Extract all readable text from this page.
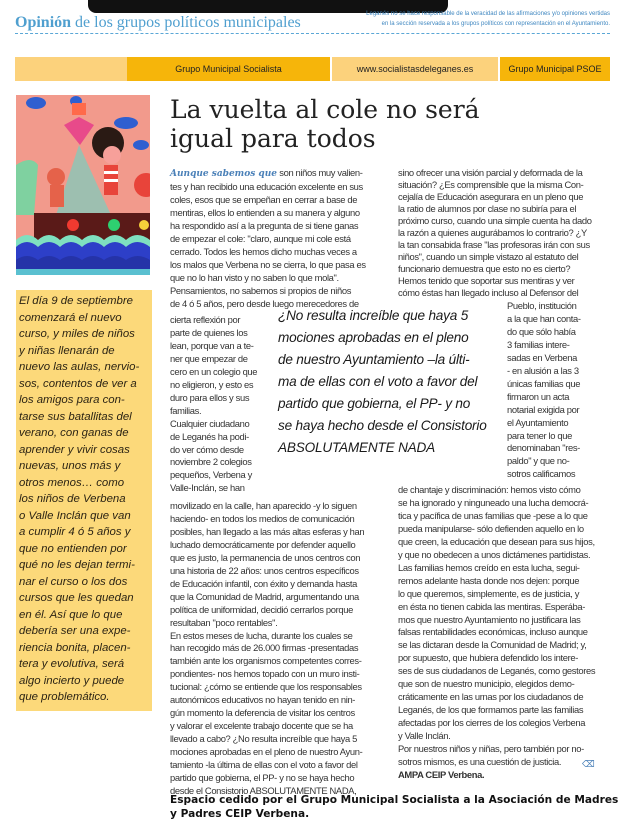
Opinión de los grupos políticos municipales	Leganés no se hace responsable de la veracidad de las afirmaciones y/o opiniones vertidas
en la sección reservada a los grupos políticos con representación en el Ayuntamiento.
Grupo Municipal Socialista	www.socialistasdeleganes.es	Grupo Municipal PSOE
El día 9 de septiembre
comenzará el nuevo
curso, y miles de niños
y niñas llenarán de
nuevo las aulas, nervio-
sos, contentos de ver a
los amigos para con-
tarse sus batallitas del
verano, con ganas de
aprender y vivir cosas
nuevas, unos más y
otros menos… como
los niños de Verbena
o Valle Inclán que van
a cumplir 4 ó 5 años y
que no entienden por
qué no les dejan termi-
nar el curso o los dos
cursos que les quedan
en él. Así que lo que
debería ser una expe-
riencia bonita, placen-
tera y evolutiva, será
algo incierto y puede
que problemático.
La vuelta al cole no será
igual para todos
Aunque sabemos que son niños muy valien-
tes y han recibido una educación excelente en sus
coles, esos que se empeñan en cerrar a base de
mentiras, ellos lo entienden a su manera y alguno
ha respondido así a la pregunta de si tiene ganas
de empezar el cole: "claro, aunque mi cole está
cerrado. Todos les hemos dicho muchas veces a
los malos que Verbena no se cierra, lo que pasa es
que no lo han visto y no saben lo que mola".
Pensamientos, no sabemos si propios de niños
de 4 ó 5 años, pero desde luego merecedores de
cierta reflexión por
parte de quienes los
lean, porque van a te-
ner que empezar de
cero en un colegio que
no eligieron, y esto es
duro para ellos y sus
familias.
Cualquier ciudadano
de Leganés ha podi-
do ver cómo desde
noviembre 2 colegios
pequeños, Verbena y
Valle-Inclán, se han
movilizado en la calle, han aparecido -y lo siguen
haciendo- en todos los medios de comunicación
posibles, han llegado a las más altas esferas y han
luchado democráticamente por defender aquello
que es justo, la permanencia de unos centros con
una historia de 22 años: unos centros específicos
de Educación infantil, con éxito y demanda hasta
que la Comunidad de Madrid, argumentando una
política de uniformidad, decidió cerrarlos porque
resultaban "poco rentables".
En estos meses de lucha, durante los cuales se
han recogido más de 26.000 firmas -presentadas
también ante los organismos competentes corres-
pondientes- nos hemos topado con un muro insti-
tucional: ¿cómo se entiende que los responsables
autonómicos educativos no hayan tenido en nin-
gún momento la deferencia de visitar los centros
y valorar el excelente trabajo docente que se ha
llevado a cabo? ¿No resulta increíble que haya 5
mociones aprobadas en el pleno de nuestro Ayun-
tamiento -la última de ellas con el voto a favor del
partido que gobierna, el PP- y no se haya hecho
desde el Consistorio ABSOLUTAMENTE NADA,
¿No resulta increíble que haya 5
mociones aprobadas en el pleno
de nuestro Ayuntamiento –la últi-
ma de ellas con el voto a favor del
partido que gobierna, el PP- y no
se haya hecho desde el Consistorio
ABSOLUTAMENTE NADA
sino ofrecer una visión parcial y deformada de la
situación? ¿Es comprensible que la misma Con-
cejalía de Educación asegurara en un pleno que
la ratio de alumnos por clase no subiría para el
próximo curso, cuando una simple cuenta ha dado
la razón a quienes augurábamos lo contrario? ¿Y
la tan consabida frase "las profesoras irán con sus
niños", cuando un simple vistazo al estatuto del
funcionario demuestra que esto no es cierto?
Hemos tenido que soportar sus mentiras y ver
cómo éstas han llegado incluso al Defensor del
Pueblo, institución
a la que han conta-
do que sólo había
3 familias intere-
sadas en Verbena
- en alusión a las 3
únicas familias que
firmaron un acta
notarial exigida por
el Ayuntamiento
para tener lo que
denominaban "res-
paldo" y que no-
sotros calificamos
de chantaje y discriminación: hemos visto cómo
se ha ignorado y ninguneado una lucha democrá-
tica y pacífica de unas familias que -pese a lo que
pueda manipularse- sólo defienden aquello en lo
que creen, la educación que desean para sus hijos,
y que no obedecen a unos dictámenes partidistas.
Las familias hemos creído en esta lucha, segui-
remos adelante hasta donde nos dejen: porque
lo que queremos, simplemente, es de justicia, y
en ésta no tienen cabida las mentiras. Esperába-
mos que nuestro Ayuntamiento no justificara las
falsas rentabilidades económicas, incluso aunque
se las dictaran desde la Comunidad de Madrid; y,
por supuesto, que hubiera defendido los intere-
ses de sus ciudadanos de Leganés, como gestores
que son de nuestro municipio, elegidos demo-
cráticamente en las urnas por los ciudadanos de
Leganés, de los que formamos parte las familias
afectadas por los cierres de los colegios Verbena
y Valle Inclán.
Por nuestros niños y niñas, pero también por no-
sotros mismos, es una cuestión de justicia.
AMPA CEIP Verbena.
⌫
Espacio cedido por el Grupo Municipal Socialista a la Asociación de Madres
y Padres CEIP Verbena.
